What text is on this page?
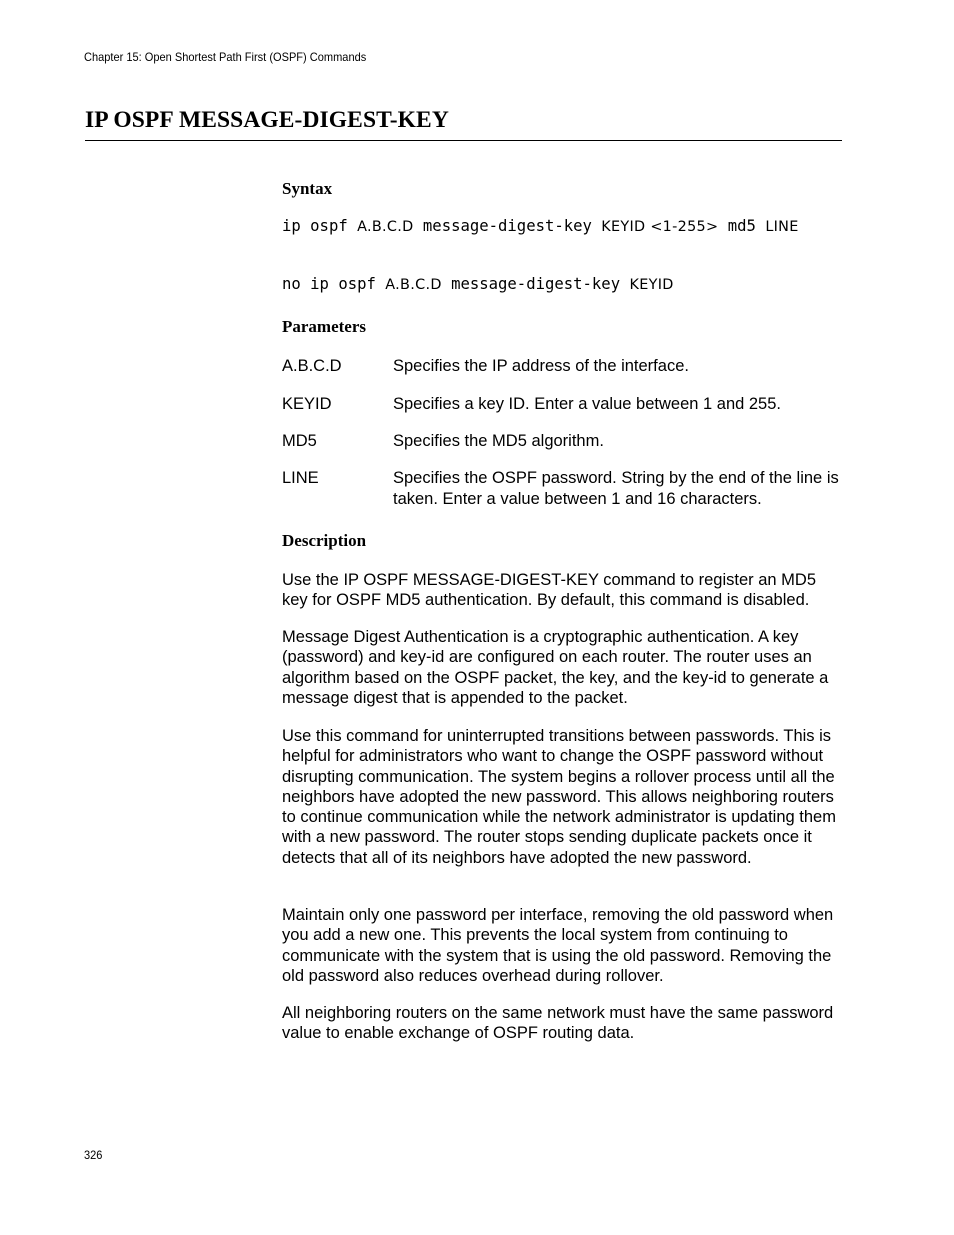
Chapter 15: Open Shortest Path First (OSPF) Commands
IP OSPF MESSAGE-DIGEST-KEY
Syntax
ip ospf A.B.C.D message-digest-key KEYID <1-255> md5 LINE
no ip ospf A.B.C.D message-digest-key KEYID
Parameters
A.B.C.D	Specifies the IP address of the interface.
KEYID	Specifies a key ID. Enter a value between 1 and 255.
MD5	Specifies the MD5 algorithm.
LINE	Specifies the OSPF password. String by the end of the line is taken. Enter a value between 1 and 16 characters.
Description
Use the IP OSPF MESSAGE-DIGEST-KEY command to register an MD5 key for OSPF MD5 authentication. By default, this command is disabled.
Message Digest Authentication is a cryptographic authentication. A key (password) and key-id are configured on each router. The router uses an algorithm based on the OSPF packet, the key, and the key-id to generate a message digest that is appended to the packet.
Use this command for uninterrupted transitions between passwords. This is helpful for administrators who want to change the OSPF password without disrupting communication. The system begins a rollover process until all the neighbors have adopted the new password. This allows neighboring routers to continue communication while the network administrator is updating them with a new password. The router stops sending duplicate packets once it detects that all of its neighbors have adopted the new password.
Maintain only one password per interface, removing the old password when you add a new one. This prevents the local system from continuing to communicate with the system that is using the old password. Removing the old password also reduces overhead during rollover.
All neighboring routers on the same network must have the same password value to enable exchange of OSPF routing data.
326
